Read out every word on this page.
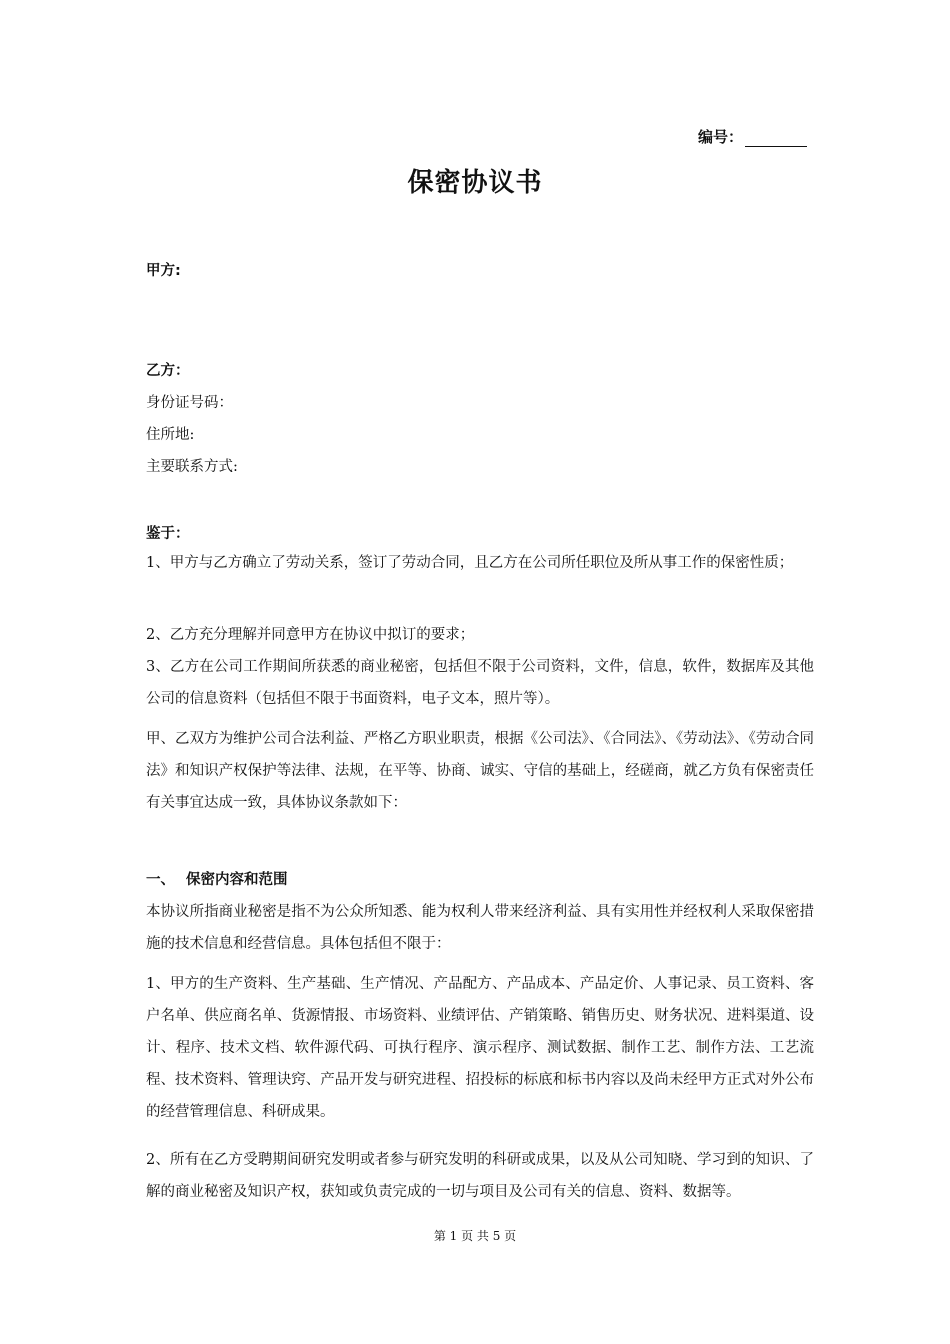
编号：
保密协议书
甲方:
乙方：
身份证号码：
住所地:
主要联系方式:
鉴于：
1、甲方与乙方确立了劳动关系，签订了劳动合同，且乙方在公司所任职位及所从事工作的保密性质；
2、乙方充分理解并同意甲方在协议中拟订的要求；
3、乙方在公司工作期间所获悉的商业秘密，包括但不限于公司资料，文件，信息，软件，数据库及其他公司的信息资料（包括但不限于书面资料，电子文本，照片等）。
甲、乙双方为维护公司合法利益、严格乙方职业职责，根据《公司法》、《合同法》、《劳动法》、《劳动合同法》和知识产权保护等法律、法规，在平等、协商、诚实、守信的基础上，经磋商，就乙方负有保密责任有关事宜达成一致，具体协议条款如下：
一、 保密内容和范围
本协议所指商业秘密是指不为公众所知悉、能为权利人带来经济利益、具有实用性并经权利人采取保密措施的技术信息和经营信息。具体包括但不限于：
1、甲方的生产资料、生产基础、生产情况、产品配方、产品成本、产品定价、人事记录、员工资料、客户名单、供应商名单、货源情报、市场资料、业绩评估、产销策略、销售历史、财务状况、进料渠道、设计、程序、技术文档、软件源代码、可执行程序、演示程序、测试数据、制作工艺、制作方法、工艺流程、技术资料、管理诀窍、产品开发与研究进程、招投标的标底和标书内容以及尚未经甲方正式对外公布的经营管理信息、科研成果。
2、所有在乙方受聘期间研究发明或者参与研究发明的科研或成果，以及从公司知晓、学习到的知识、了解的商业秘密及知识产权，获知或负责完成的一切与项目及公司有关的信息、资料、数据等。
第 1 页 共 5 页
